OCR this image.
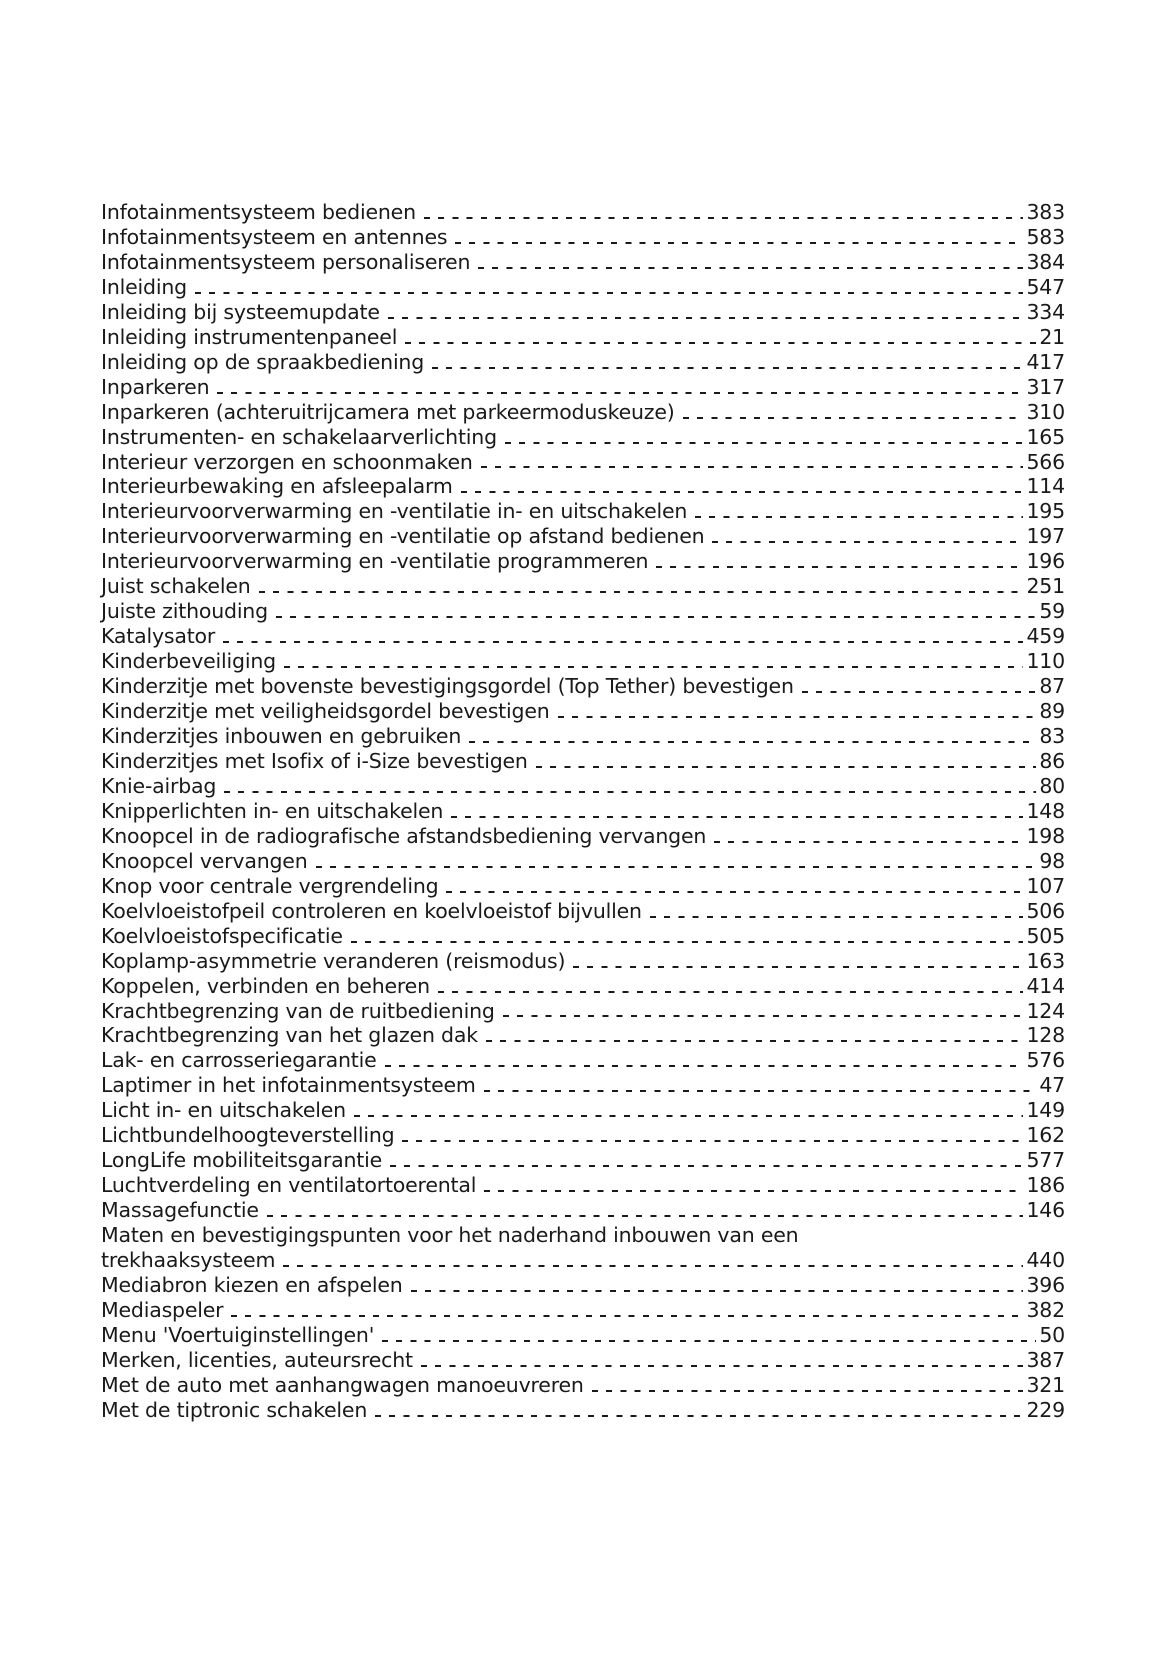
Infotainmentsysteem bedienen	383
Infotainmentsysteem en antennes	583
Infotainmentsysteem personaliseren	384
Inleiding	547
Inleiding bij systeemupdate	334
Inleiding instrumentenpaneel	21
Inleiding op de spraakbediening	417
Inparkeren	317
Inparkeren (achteruitrijcamera met parkeermoduskeuze)	310
Instrumenten- en schakelaarverlichting	165
Interieur verzorgen en schoonmaken	566
Interieurbewaking en afsleepalarm	114
Interieurvoorverwarming en -ventilatie in- en uitschakelen	195
Interieurvoorverwarming en -ventilatie op afstand bedienen	197
Interieurvoorverwarming en -ventilatie programmeren	196
Juist schakelen	251
Juiste zithouding	59
Katalysator	459
Kinderbeveiliging	110
Kinderzitje met bovenste bevestigingsgordel (Top Tether) bevestigen	87
Kinderzitje met veiligheidsgordel bevestigen	89
Kinderzitjes inbouwen en gebruiken	83
Kinderzitjes met Isofix of i-Size bevestigen	86
Knie-airbag	80
Knipperlichten in- en uitschakelen	148
Knoopcel in de radiografische afstandsbediening vervangen	198
Knoopcel vervangen	98
Knop voor centrale vergrendeling	107
Koelvloeistofpeil controleren en koelvloeistof bijvullen	506
Koelvloeistofspecificatie	505
Koplamp-asymmetrie veranderen (reismodus)	163
Koppelen, verbinden en beheren	414
Krachtbegrenzing van de ruitbediening	124
Krachtbegrenzing van het glazen dak	128
Lak- en carrosseriegarantie	576
Laptimer in het infotainmentsysteem	47
Licht in- en uitschakelen	149
Lichtbundelhoogteverstelling	162
LongLife mobiliteitsgarantie	577
Luchtverdeling en ventilatortoerental	186
Massagefunctie	146
Maten en bevestigingspunten voor het naderhand inbouwen van een
trekhaaksysteem	440
Mediabron kiezen en afspelen	396
Mediaspeler	382
Menu 'Voertuiginstellingen'	50
Merken, licenties, auteursrecht	387
Met de auto met aanhangwagen manoeuvreren	321
Met de tiptronic schakelen	229
